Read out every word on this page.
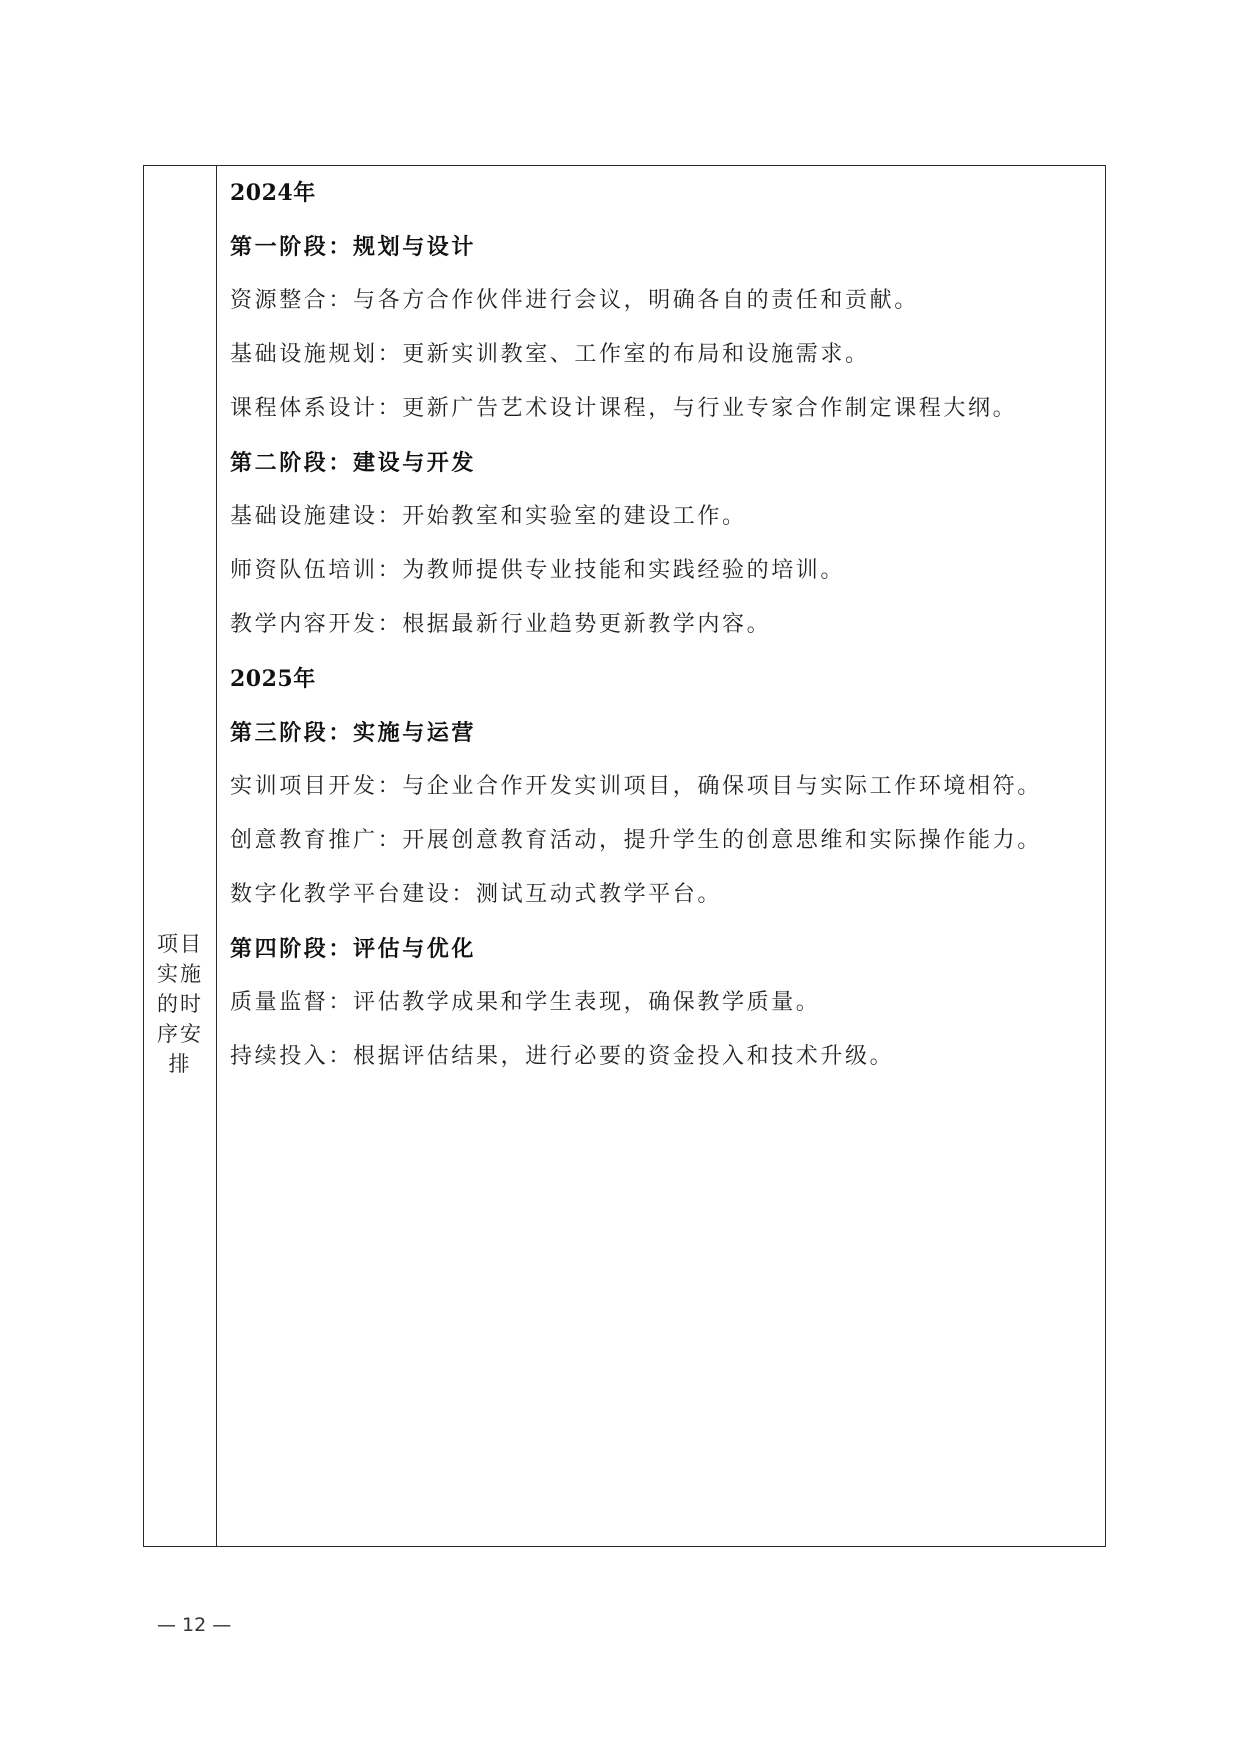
项目实施的时序安排
2024年
第一阶段：规划与设计
资源整合：与各方合作伙伴进行会议，明确各自的责任和贡献。
基础设施规划：更新实训教室、工作室的布局和设施需求。
课程体系设计：更新广告艺术设计课程，与行业专家合作制定课程大纲。
第二阶段：建设与开发
基础设施建设：开始教室和实验室的建设工作。
师资队伍培训：为教师提供专业技能和实践经验的培训。
教学内容开发：根据最新行业趋势更新教学内容。
2025年
第三阶段：实施与运营
实训项目开发：与企业合作开发实训项目，确保项目与实际工作环境相符。
创意教育推广：开展创意教育活动，提升学生的创意思维和实际操作能力。
数字化教学平台建设：测试互动式教学平台。
第四阶段：评估与优化
质量监督：评估教学成果和学生表现，确保教学质量。
持续投入：根据评估结果，进行必要的资金投入和技术升级。
— 12 —
